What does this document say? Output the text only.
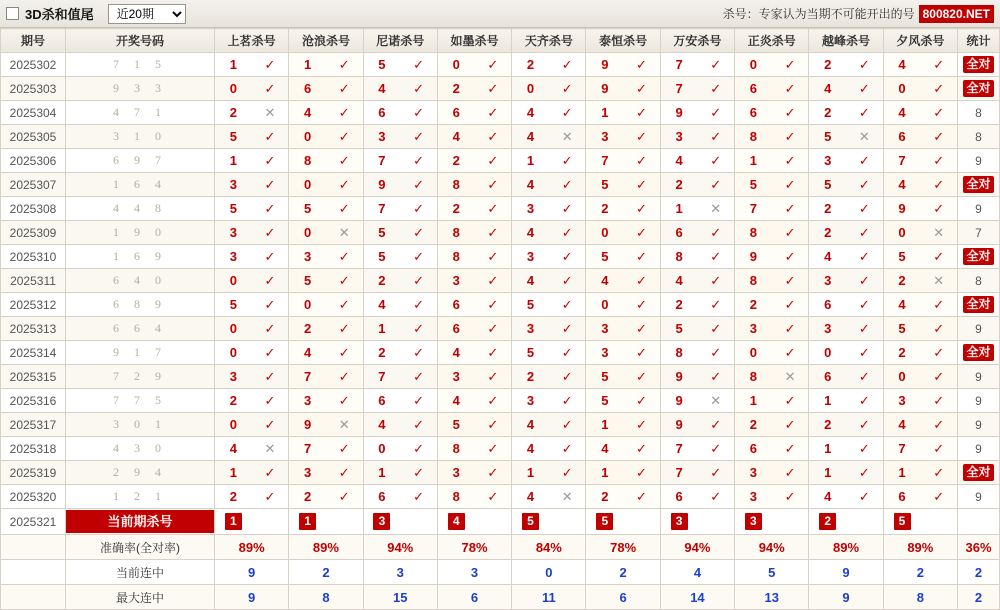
3D杀和值尾
近20期	杀号：专家认为当期不可能开出的号 800820.NET
期号	开奖号码	上茗杀号	沧浪杀号	尼诺杀号	如墨杀号	天齐杀号	泰恒杀号	万安杀号	正炎杀号	越峰杀号	夕风杀号	统计
2025302	7 1 5	1 ✓	1 ✓	5 ✓	0 ✓	2 ✓	9 ✓	7 ✓	0 ✓	2 ✓	4 ✓	全对
2025303	9 3 3	0 ✓	6 ✓	4 ✓	2 ✓	0 ✓	9 ✓	7 ✓	6 ✓	4 ✓	0 ✓	全对
2025304	4 7 1	2 ✕	4 ✓	6 ✓	6 ✓	4 ✓	1 ✓	9 ✓	6 ✓	2 ✓	4 ✓	8
2025305	3 1 0	5 ✓	0 ✓	3 ✓	4 ✓	4 ✕	3 ✓	3 ✓	8 ✓	5 ✕	6 ✓	8
2025306	6 9 7	1 ✓	8 ✓	7 ✓	2 ✓	1 ✓	7 ✓	4 ✓	1 ✓	3 ✓	7 ✓	9
2025307	1 6 4	3 ✓	0 ✓	9 ✓	8 ✓	4 ✓	5 ✓	2 ✓	5 ✓	5 ✓	4 ✓	全对
2025308	4 4 8	5 ✓	5 ✓	7 ✓	2 ✓	3 ✓	2 ✓	1 ✕	7 ✓	2 ✓	9 ✓	9
2025309	1 9 0	3 ✓	0 ✕	5 ✓	8 ✓	4 ✓	0 ✓	6 ✓	8 ✓	2 ✓	0 ✕	7
2025310	1 6 9	3 ✓	3 ✓	5 ✓	8 ✓	3 ✓	5 ✓	8 ✓	9 ✓	4 ✓	5 ✓	全对
2025311	6 4 0	0 ✓	5 ✓	2 ✓	3 ✓	4 ✓	4 ✓	4 ✓	8 ✓	3 ✓	2 ✕	8
2025312	6 8 9	5 ✓	0 ✓	4 ✓	6 ✓	5 ✓	0 ✓	2 ✓	2 ✓	6 ✓	4 ✓	全对
2025313	6 6 4	0 ✓	2 ✓	1 ✓	6 ✓	3 ✓	3 ✓	5 ✓	3 ✓	3 ✓	5 ✓	9
2025314	9 1 7	0 ✓	4 ✓	2 ✓	4 ✓	5 ✓	3 ✓	8 ✓	0 ✓	0 ✓	2 ✓	全对
2025315	7 2 9	3 ✓	7 ✓	7 ✓	3 ✓	2 ✓	5 ✓	9 ✓	8 ✕	6 ✓	0 ✓	9
2025316	7 7 5	2 ✓	3 ✓	6 ✓	4 ✓	3 ✓	5 ✓	9 ✕	1 ✓	1 ✓	3 ✓	9
2025317	3 0 1	0 ✓	9 ✕	4 ✓	5 ✓	4 ✓	1 ✓	9 ✓	2 ✓	2 ✓	4 ✓	9
2025318	4 3 0	4 ✕	7 ✓	0 ✓	8 ✓	4 ✓	4 ✓	7 ✓	6 ✓	1 ✓	7 ✓	9
2025319	2 9 4	1 ✓	3 ✓	1 ✓	3 ✓	1 ✓	1 ✓	7 ✓	3 ✓	1 ✓	1 ✓	全对
2025320	1 2 1	2 ✓	2 ✓	6 ✓	8 ✓	4 ✕	2 ✓	6 ✓	3 ✓	4 ✓	6 ✓	9
2025321	当前期杀号	1	1	3	4	5	5	3	3	2	5	

	准确率(全对率)	89%	89%	94%	78%	84%	78%	94%	94%	89%	89%	36%
	当前连中	9	2	3	3	0	2	4	5	9	2	2
	最大连中	9	8	15	6	11	6	14	13	9	8	2
